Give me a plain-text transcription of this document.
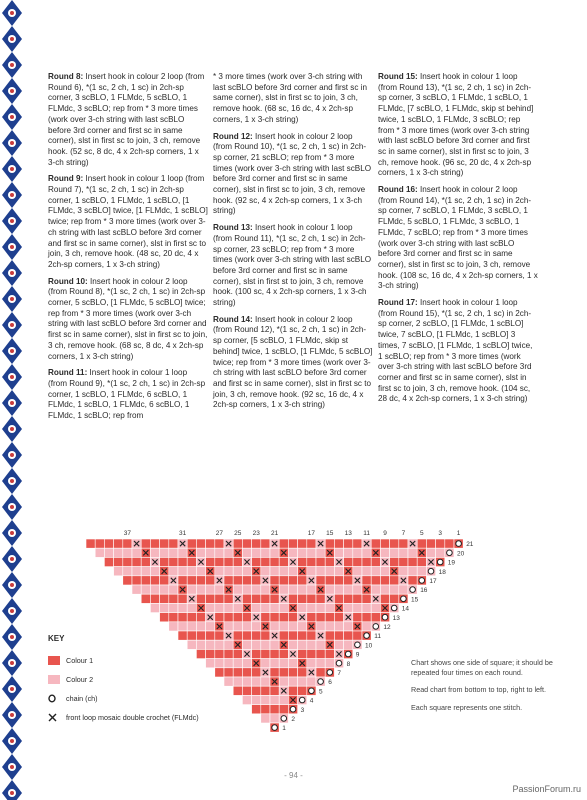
Round 8: Insert hook in colour 2 loop (from Round 6), *(1 sc, 2 ch, 1 sc) in 2ch-sp corner, 3 scBLO, 1 FLMdc, 5 scBLO, 1 FLMdc, 3 scBLO; rep from * 3 more times (work over 3-ch string with last scBLO before 3rd corner and first sc in same corner), slst in first sc to join, 3 ch, remove hook. (52 sc, 8 dc, 4 x 2ch-sp corners, 1 x 3-ch string)

Round 9: Insert hook in colour 1 loop (from Round 7), *(1 sc, 2 ch, 1 sc) in 2ch-sp corner, 1 scBLO, 1 FLMdc, 1 scBLO, [1 FLMdc, 3 scBLO] twice, [1 FLMdc, 1 scBLO] twice; rep from * 3 more times (work over 3-ch string with last scBLO before 3rd corner and first sc in same corner), slst in first sc to join, 3 ch, remove hook. (48 sc, 20 dc, 4 x 2ch-sp corners, 1 x 3-ch string)

Round 10: Insert hook in colour 2 loop (from Round 8), *(1 sc, 2 ch, 1 sc) in 2ch-sp corner, 5 scBLO, [1 FLMdc, 5 scBLO] twice; rep from * 3 more times (work over 3-ch string with last scBLO before 3rd corner and first sc in same corner), slst in first sc to join, 3 ch, remove hook. (68 sc, 8 dc, 4 x 2ch-sp corners, 1 x 3-ch string)

Round 11: Insert hook in colour 1 loop (from Round 9), *(1 sc, 2 ch, 1 sc) in 2ch-sp corner, 1 scBLO, 1 FLMdc, 6 scBLO, 1 FLMdc, 1 scBLO, 1 FLMdc, 6 scBLO, 1 FLMdc, 1 scBLO; rep from

* 3 more times (work over 3-ch string with last scBLO before 3rd corner and first sc in same corner), slst in first sc to join, 3 ch, remove hook. (68 sc, 16 dc, 4 x 2ch-sp corners, 1 x 3-ch string)

Round 12: Insert hook in colour 2 loop (from Round 10), *(1 sc, 2 ch, 1 sc) in 2ch-sp corner, 21 scBLO; rep from * 3 more times (work over 3-ch string with last scBLO before 3rd corner and first sc in same corner), slst in first sc to join, 3 ch, remove hook. (92 sc, 4 x 2ch-sp corners, 1 x 3-ch string)

Round 13: Insert hook in colour 1 loop (from Round 11), *(1 sc, 2 ch, 1 sc) in 2ch-sp corner, 23 scBLO; rep from * 3 more times (work over 3-ch string with last scBLO before 3rd corner and first sc in same corner), slst in first st to join, 3 ch, remove hook. (100 sc, 4 x 2ch-sp corners, 1 x 3-ch string)

Round 14: Insert hook in colour 2 loop (from Round 12), *(1 sc, 2 ch, 1 sc) in 2ch-sp corner, [5 scBLO, 1 FLMdc, skip st behind] twice, 1 scBLO, [1 FLMdc, 5 scBLO] twice; rep from * 3 more times (work over 3-ch string with last scBLO before 3rd corner and first sc in same corner), slst in first sc to join, 3 ch, remove hook. (92 sc, 16 dc, 4 x 2ch-sp corners, 1 x 3-ch string)

Round 15: Insert hook in colour 1 loop (from Round 13), *(1 sc, 2 ch, 1 sc) in 2ch-sp corner, 3 scBLO, 1 FLMdc, 1 scBLO, 1 FLMdc, [7 scBLO, 1 FLMdc, skip st behind] twice, 1 scBLO, 1 FLMdc, 3 scBLO; rep from * 3 more times (work over 3-ch string with last scBLO before 3rd corner and first sc in same corner), slst in first sc to join, 3 ch, remove hook. (96 sc, 20 dc, 4 x 2ch-sp corners, 1 x 3-ch string)

Round 16: Insert hook in colour 2 loop (from Round 14), *(1 sc, 2 ch, 1 sc) in 2ch-sp corner, 7 scBLO, 1 FLMdc, 3 scBLO, 1 FLMdc, 5 scBLO, 1 FLMdc, 3 scBLO, 1 FLMdc, 7 scBLO; rep from * 3 more times (work over 3-ch string with last scBLO before 3rd corner and first sc in same corner), slst in first sc to join, 3 ch, remove hook. (108 sc, 16 dc, 4 x 2ch-sp corners, 1 x 3-ch string)

Round 17: Insert hook in colour 1 loop (from Round 15), *(1 sc, 2 ch, 1 sc) in 2ch-sp corner, 2 scBLO, [1 FLMdc, 1 scBLO] twice, 7 scBLO, [1 FLMdc, 1 scBLO] 3 times, 7 scBLO, [1 FLMdc, 1 scBLO] twice, 1 scBLO; rep from * 3 more times (work over 3-ch string with last scBLO before 3rd corner and first sc in same corner), slst in first sc to join, 3 ch, remove hook. (104 sc, 28 dc, 4 x 2ch-sp corners, 1 x 3-ch string)

37	31	27 25 23 21	17 15 13 11 9 7 5 3 1
21
20
19
18
17
16
15
14
13
12
11
10
9
8
7
6
5
4
3
2
1
KEY
Colour 1
Colour 2
chain (ch)
front loop mosaic double crochet (FLMdc)

Chart shows one side of square; it should be repeated four times on each round.

Read chart from bottom to top, right to left.

Each square represents one stitch.

- 94 -
PassionForum.ru
